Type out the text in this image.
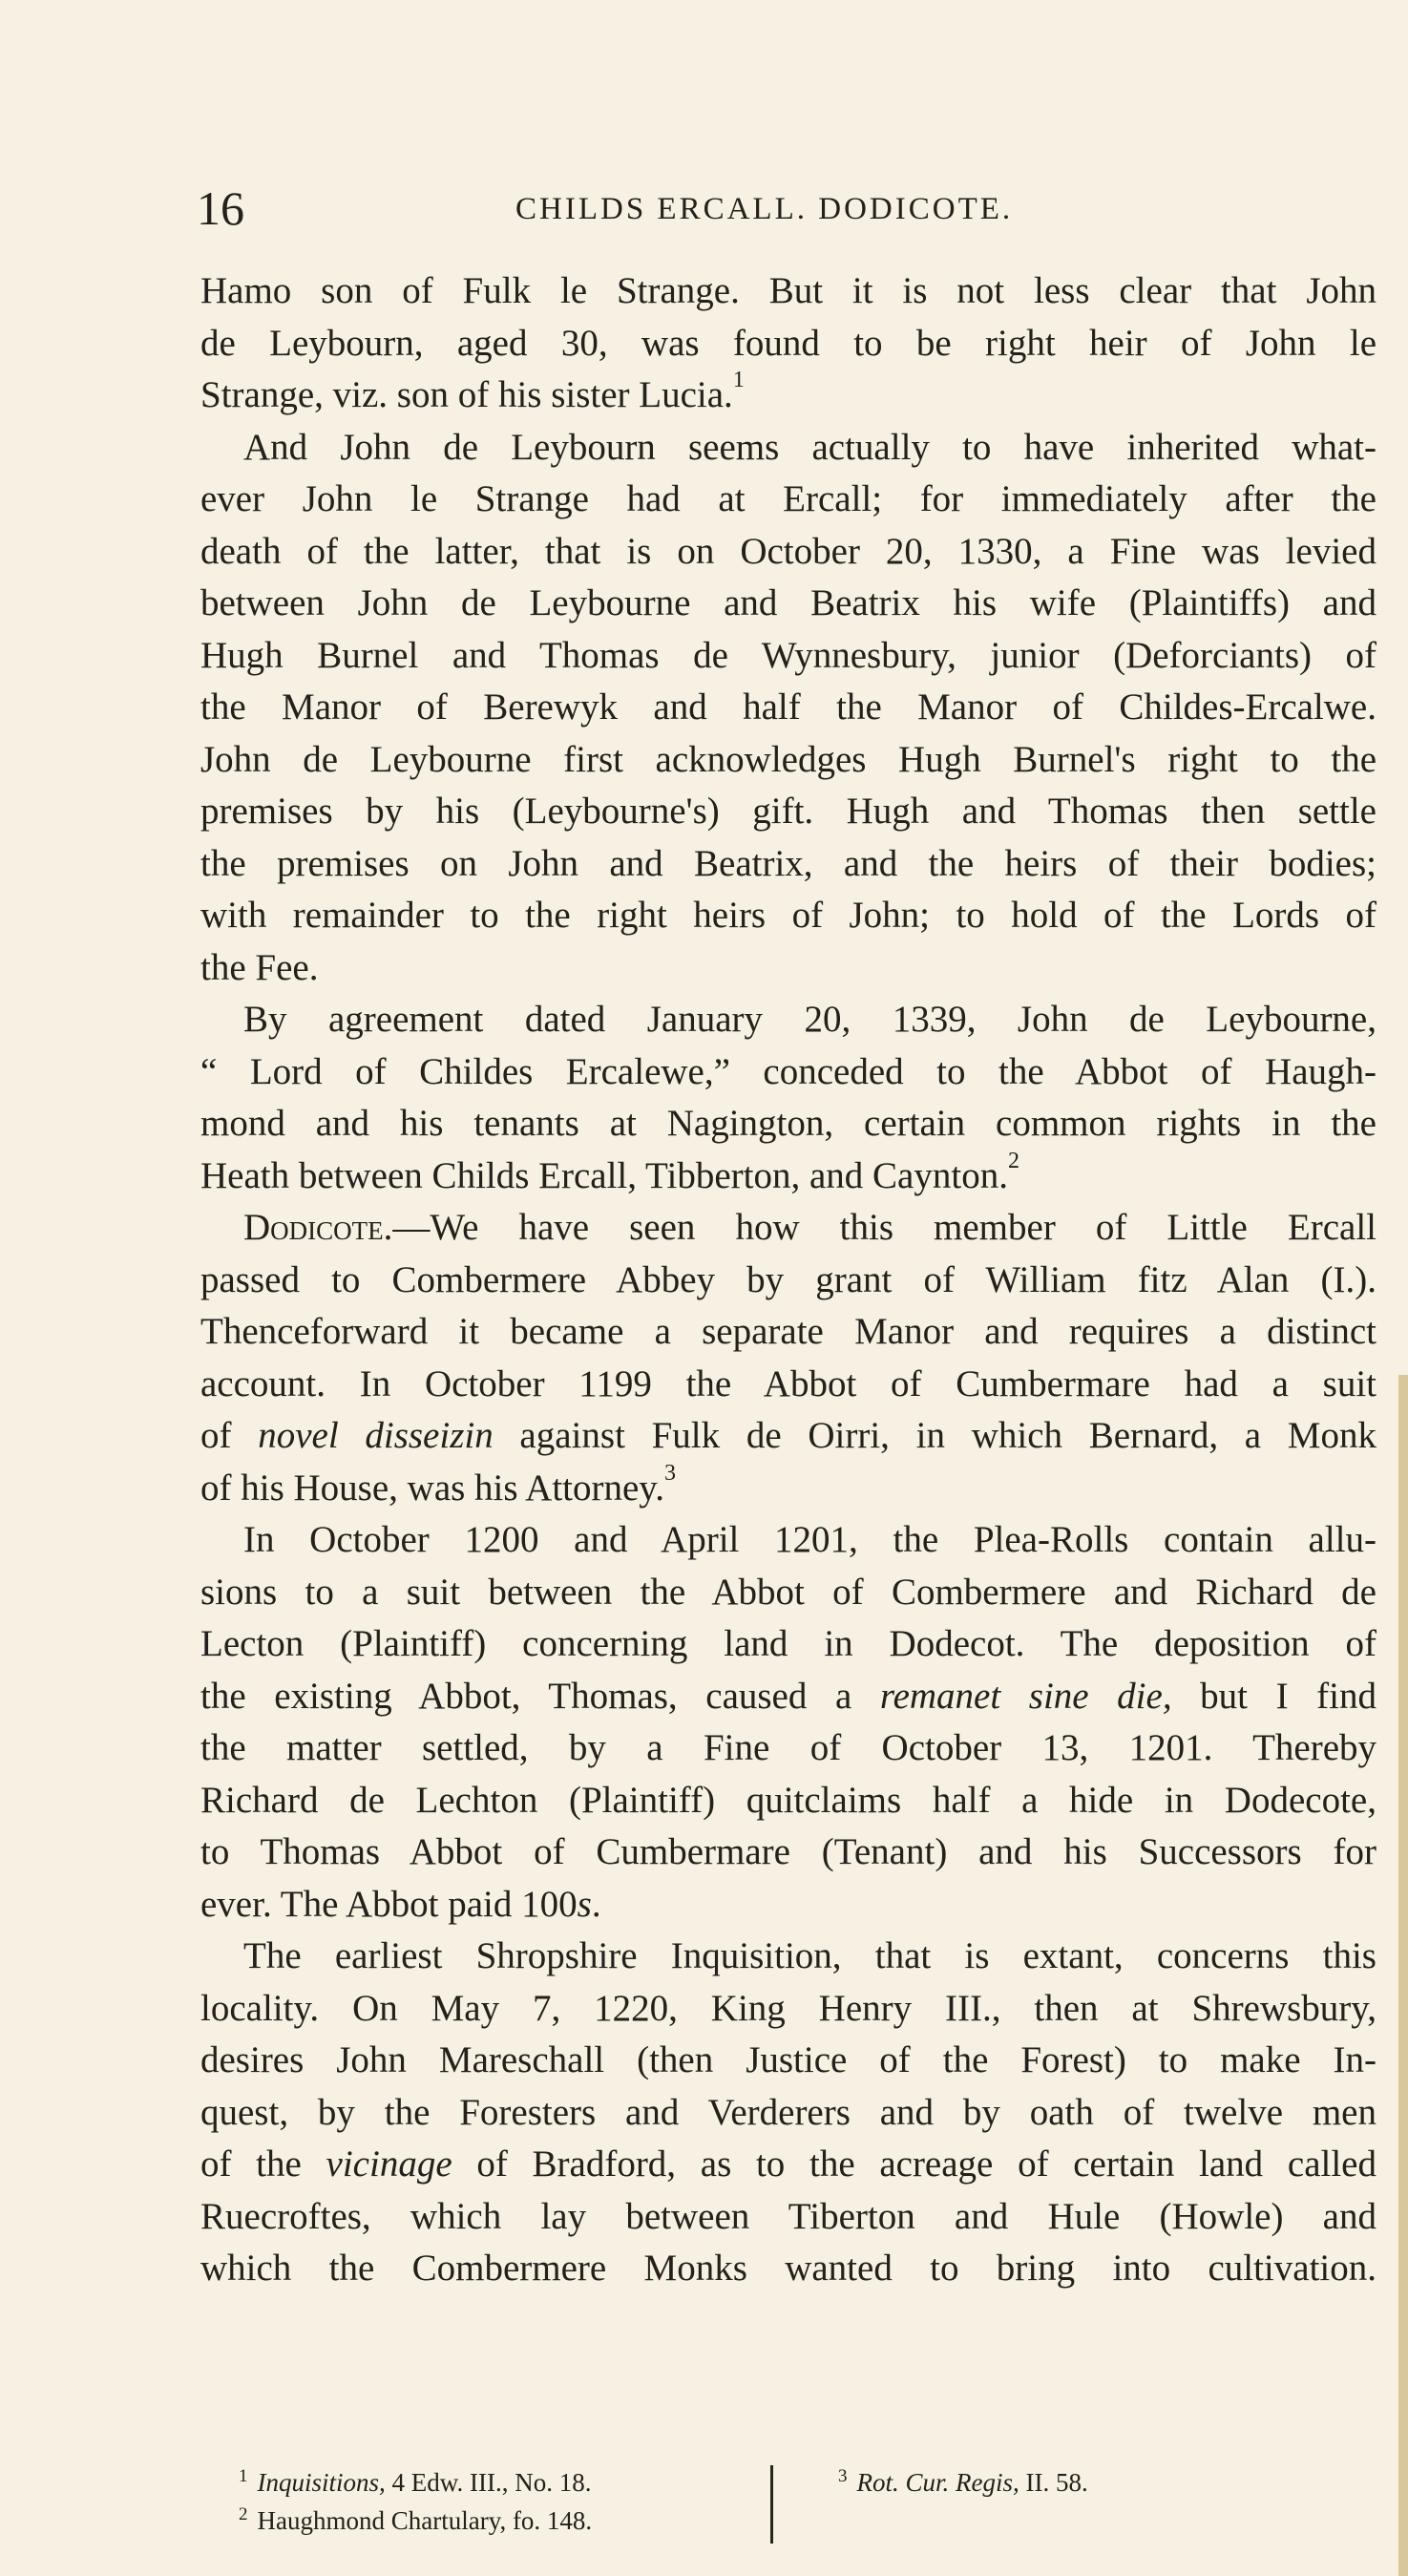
16	CHILDS ERCALL. DODICOTE.
Hamo son of Fulk le Strange. But it is not less clear that John
de Leybourn, aged 30, was found to be right heir of John le
Strange, viz. son of his sister Lucia.$^1$
And John de Leybourn seems actually to have inherited what-
ever John le Strange had at Ercall; for immediately after the
death of the latter, that is on October 20, 1330, a Fine was levied
between John de Leybourne and Beatrix his wife (Plaintiffs) and
Hugh Burnel and Thomas de Wynnesbury, junior (Deforciants) of
the Manor of Berewyk and half the Manor of Childes-Ercalwe.
John de Leybourne first acknowledges Hugh Burnel's right to the
premises by his (Leybourne's) gift. Hugh and Thomas then settle
the premises on John and Beatrix, and the heirs of their bodies;
with remainder to the right heirs of John; to hold of the Lords of
the Fee.
By agreement dated January 20, 1339, John de Leybourne,
“ Lord of Childes Ercalewe,” conceded to the Abbot of Haugh-
mond and his tenants at Nagington, certain common rights in the
Heath between Childs Ercall, Tibberton, and Caynton.$^2$
Dodicote.—We have seen how this member of Little Ercall
passed to Combermere Abbey by grant of William fitz Alan (I.).
Thenceforward it became a separate Manor and requires a distinct
account. In October 1199 the Abbot of Cumbermare had a suit
of novel disseizin against Fulk de Oirri, in which Bernard, a Monk
of his House, was his Attorney.$^3$
In October 1200 and April 1201, the Plea-Rolls contain allu-
sions to a suit between the Abbot of Combermere and Richard de
Lecton (Plaintiff) concerning land in Dodecot. The deposition of
the existing Abbot, Thomas, caused a remanet sine die, but I find
the matter settled, by a Fine of October 13, 1201. Thereby
Richard de Lechton (Plaintiff) quitclaims half a hide in Dodecote,
to Thomas Abbot of Cumbermare (Tenant) and his Successors for
ever. The Abbot paid 100s.
The earliest Shropshire Inquisition, that is extant, concerns this
locality. On May 7, 1220, King Henry III., then at Shrewsbury,
desires John Mareschall (then Justice of the Forest) to make In-
quest, by the Foresters and Verderers and by oath of twelve men
of the vicinage of Bradford, as to the acreage of certain land called
Ruecroftes, which lay between Tiberton and Hule (Howle) and
which the Combermere Monks wanted to bring into cultivation.
$^1$ Inquisitions, 4 Edw. III., No. 18.
$^2$ Haughmond Chartulary, fo. 148.
$^3$ Rot. Cur. Regis, II. 58.
